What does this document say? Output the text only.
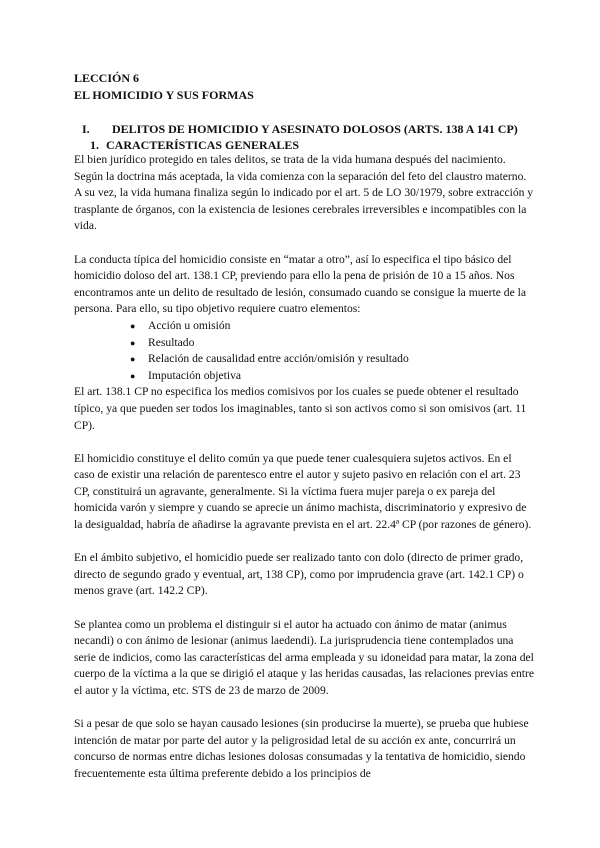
LECCIÓN 6
EL HOMICIDIO Y SUS FORMAS
I. DELITOS DE HOMICIDIO Y ASESINATO DOLOSOS (ARTS. 138 A 141 CP)
1. CARACTERÍSTICAS GENERALES

El bien jurídico protegido en tales delitos, se trata de la vida humana después del nacimiento. Según la doctrina más aceptada, la vida comienza con la separación del feto del claustro materno. A su vez, la vida humana finaliza según lo indicado por el art. 5 de LO 30/1979, sobre extracción y trasplante de órganos, con la existencia de lesiones cerebrales irreversibles e incompatibles con la vida.

La conducta típica del homicidio consiste en “matar a otro”, así lo especifica el tipo básico del homicidio doloso del art. 138.1 CP, previendo para ello la pena de prisión de 10 a 15 años. Nos encontramos ante un delito de resultado de lesión, consumado cuando se consigue la muerte de la persona. Para ello, su tipo objetivo requiere cuatro elementos:

● Acción u omisión
● Resultado
● Relación de causalidad entre acción/omisión y resultado
● Imputación objetiva

El art. 138.1 CP no especifica los medios comisivos por los cuales se puede obtener el resultado típico, ya que pueden ser todos los imaginables, tanto si son activos como si son omisivos (art. 11 CP).

El homicidio constituye el delito común ya que puede tener cualesquiera sujetos activos. En el caso de existir una relación de parentesco entre el autor y sujeto pasivo en relación con el art. 23 CP, constituirá un agravante, generalmente. Si la víctima fuera mujer pareja o ex pareja del homicida varón y siempre y cuando se aprecie un ánimo machista, discriminatorio y expresivo de la desigualdad, habría de añadirse la agravante prevista en el art. 22.4ª CP (por razones de género).

En el ámbito subjetivo, el homicidio puede ser realizado tanto con dolo (directo de primer grado, directo de segundo grado y eventual, art, 138 CP), como por imprudencia grave (art. 142.1 CP) o menos grave (art. 142.2 CP).

Se plantea como un problema el distinguir si el autor ha actuado con ánimo de matar (animus necandi) o con ánimo de lesionar (animus laedendi). La jurisprudencia tiene contemplados una serie de indicios, como las características del arma empleada y su idoneidad para matar, la zona del cuerpo de la víctima a la que se dirigió el ataque y las heridas causadas, las relaciones previas entre el autor y la víctima, etc. STS de 23 de marzo de 2009.

Si a pesar de que solo se hayan causado lesiones (sin producirse la muerte), se prueba que hubiese intención de matar por parte del autor y la peligrosidad letal de su acción ex ante, concurrirá un concurso de normas entre dichas lesiones dolosas consumadas y la tentativa de homicidio, siendo frecuentemente esta última preferente debido a los principios de
